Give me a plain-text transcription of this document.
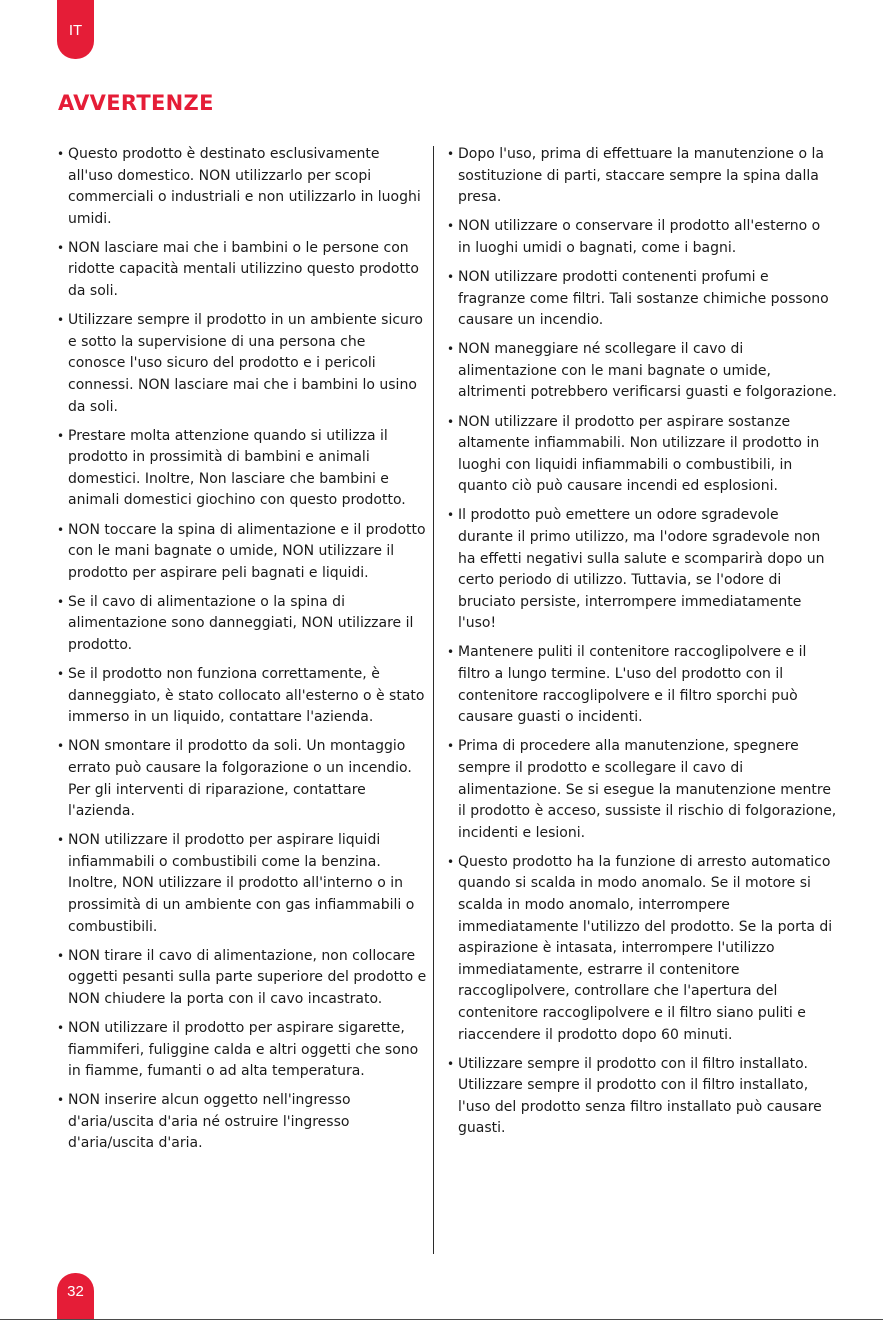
IT
AVVERTENZE
• Questo prodotto è destinato esclusivamente all'uso domestico. NON utilizzarlo per scopi commerciali o industriali e non utilizzarlo in luoghi umidi.
• NON lasciare mai che i bambini o le persone con ridotte capacità mentali utilizzino questo prodotto da soli.
• Utilizzare sempre il prodotto in un ambiente sicuro e sotto la supervisione di una persona che conosce l'uso sicuro del prodotto e i pericoli connessi. NON lasciare mai che i bambini lo usino da soli.
• Prestare molta attenzione quando si utilizza il prodotto in prossimità di bambini e animali domestici. Inoltre, Non lasciare che bambini e animali domestici giochino con questo prodotto.
• NON toccare la spina di alimentazione e il prodotto con le mani bagnate o umide, NON utilizzare il prodotto per aspirare peli bagnati e liquidi.
• Se il cavo di alimentazione o la spina di alimentazione sono danneggiati, NON utilizzare il prodotto.
• Se il prodotto non funziona correttamente, è danneggiato, è stato collocato all'esterno o è stato immerso in un liquido, contattare l'azienda.
• NON smontare il prodotto da soli. Un montaggio errato può causare la folgorazione o un incendio. Per gli interventi di riparazione, contattare l'azienda.
• NON utilizzare il prodotto per aspirare liquidi infiammabili o combustibili come la benzina. Inoltre, NON utilizzare il prodotto all'interno o in prossimità di un ambiente con gas infiammabili o combustibili.
• NON tirare il cavo di alimentazione, non collocare oggetti pesanti sulla parte superiore del prodotto e NON chiudere la porta con il cavo incastrato.
• NON utilizzare il prodotto per aspirare sigarette, fiammiferi, fuliggine calda e altri oggetti che sono in fiamme, fumanti o ad alta temperatura.
• NON inserire alcun oggetto nell'ingresso d'aria/uscita d'aria né ostruire l'ingresso d'aria/uscita d'aria.
• Dopo l'uso, prima di effettuare la manutenzione o la sostituzione di parti, staccare sempre la spina dalla presa.
• NON utilizzare o conservare il prodotto all'esterno o in luoghi umidi o bagnati, come i bagni.
• NON utilizzare prodotti contenenti profumi e fragranze come filtri. Tali sostanze chimiche possono causare un incendio.
• NON maneggiare né scollegare il cavo di alimentazione con le mani bagnate o umide, altrimenti potrebbero verificarsi guasti e folgorazione.
• NON utilizzare il prodotto per aspirare sostanze altamente infiammabili. Non utilizzare il prodotto in luoghi con liquidi infiammabili o combustibili, in quanto ciò può causare incendi ed esplosioni.
• Il prodotto può emettere un odore sgradevole durante il primo utilizzo, ma l'odore sgradevole non ha effetti negativi sulla salute e scomparirà dopo un certo periodo di utilizzo. Tuttavia, se l'odore di bruciato persiste, interrompere immediatamente l'uso!
• Mantenere puliti il contenitore raccoglipolvere e il filtro a lungo termine. L'uso del prodotto con il contenitore raccoglipolvere e il filtro sporchi può causare guasti o incidenti.
• Prima di procedere alla manutenzione, spegnere sempre il prodotto e scollegare il cavo di alimentazione. Se si esegue la manutenzione mentre il prodotto è acceso, sussiste il rischio di folgorazione, incidenti e lesioni.
• Questo prodotto ha la funzione di arresto automatico quando si scalda in modo anomalo. Se il motore si scalda in modo anomalo, interrompere immediatamente l'utilizzo del prodotto. Se la porta di aspirazione è intasata, interrompere l'utilizzo immediatamente, estrarre il contenitore raccoglipolvere, controllare che l'apertura del contenitore raccoglipolvere e il filtro siano puliti e riaccendere il prodotto dopo 60 minuti.
• Utilizzare sempre il prodotto con il filtro installato. Utilizzare sempre il prodotto con il filtro installato, l'uso del prodotto senza filtro installato può causare guasti.
32
